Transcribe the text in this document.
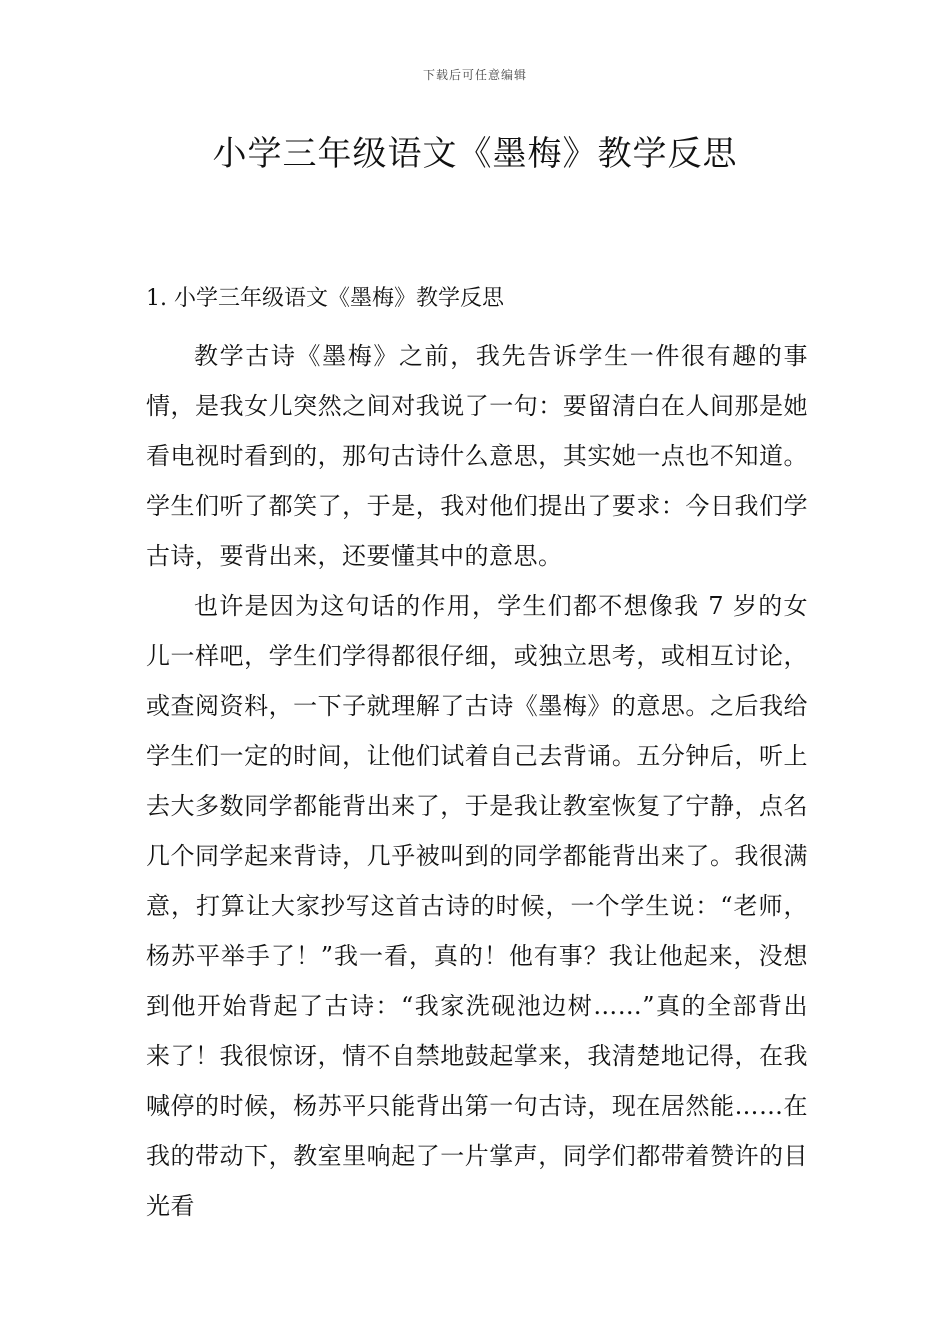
下载后可任意编辑
小学三年级语文《墨梅》教学反思
1. 小学三年级语文《墨梅》教学反思

教学古诗《墨梅》之前，我先告诉学生一件很有趣的事情，是我女儿突然之间对我说了一句：要留清白在人间那是她看电视时看到的，那句古诗什么意思，其实她一点也不知道。学生们听了都笑了，于是，我对他们提出了要求：今日我们学古诗，要背出来，还要懂其中的意思。

也许是因为这句话的作用，学生们都不想像我 7 岁的女儿一样吧，学生们学得都很仔细，或独立思考，或相互讨论，或查阅资料，一下子就理解了古诗《墨梅》的意思。之后我给学生们一定的时间，让他们试着自己去背诵。五分钟后，听上去大多数同学都能背出来了，于是我让教室恢复了宁静，点名几个同学起来背诗，几乎被叫到的同学都能背出来了。我很满意，打算让大家抄写这首古诗的时候，一个学生说：“老师，杨苏平举手了！”我一看，真的！他有事？我让他起来，没想到他开始背起了古诗：“我家洗砚池边树……”真的全部背出来了！我很惊讶，情不自禁地鼓起掌来，我清楚地记得，在我喊停的时候，杨苏平只能背出第一句古诗，现在居然能……在我的带动下，教室里响起了一片掌声，同学们都带着赞许的目光看
